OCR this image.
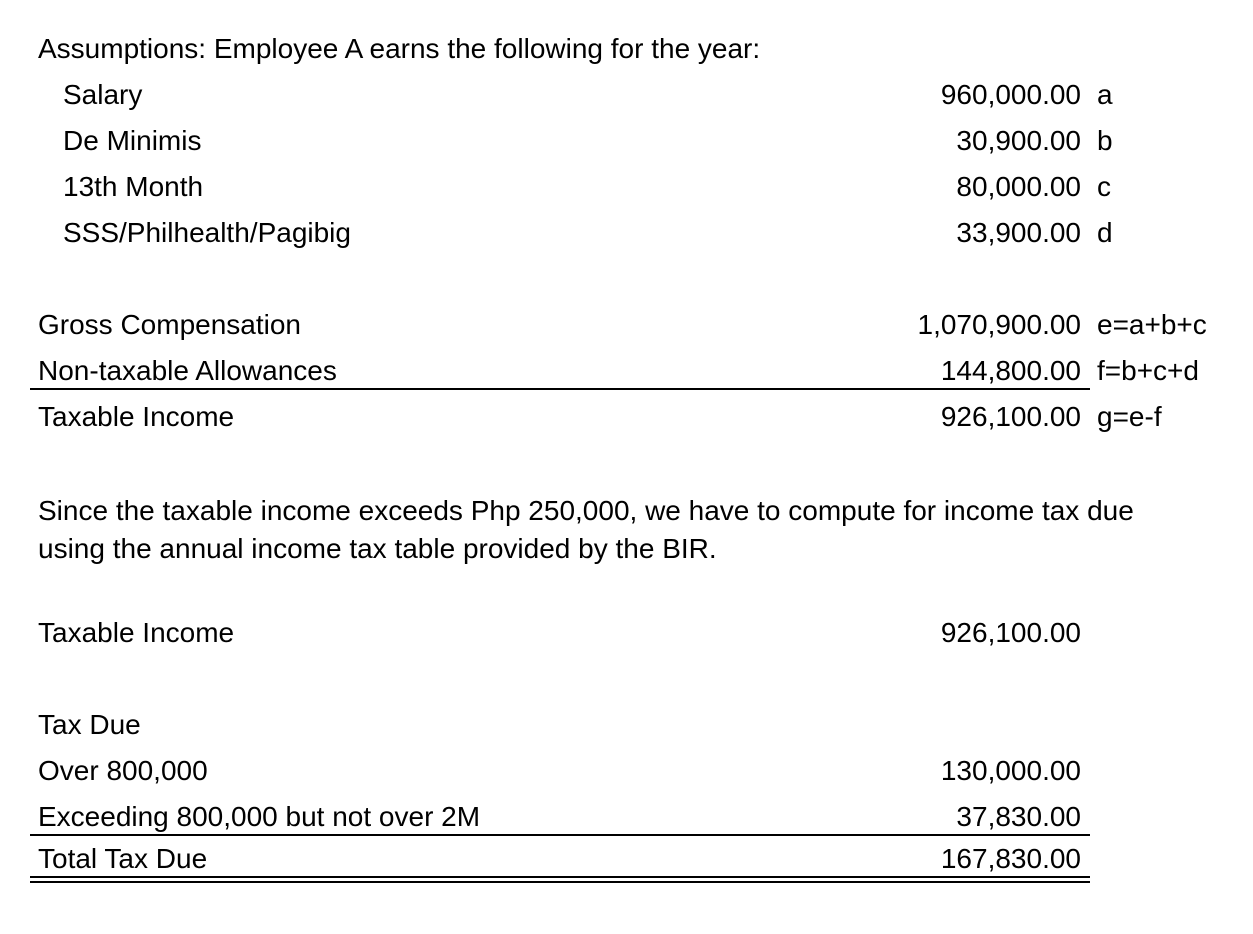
Assumptions: Employee A earns the following for the year:
Salary	960,000.00 a
De Minimis	30,900.00 b
13th Month	80,000.00 c
SSS/Philhealth/Pagibig	33,900.00 d
Gross Compensation	1,070,900.00 e=a+b+c
Non-taxable Allowances	144,800.00 f=b+c+d
Taxable Income	926,100.00 g=e-f
Since the taxable income exceeds Php 250,000, we have to compute for income tax due
using the annual income tax table provided by the BIR.
Taxable Income	926,100.00
Tax Due
Over 800,000	130,000.00
Exceeding 800,000 but not over 2M	37,830.00
Total Tax Due	167,830.00
